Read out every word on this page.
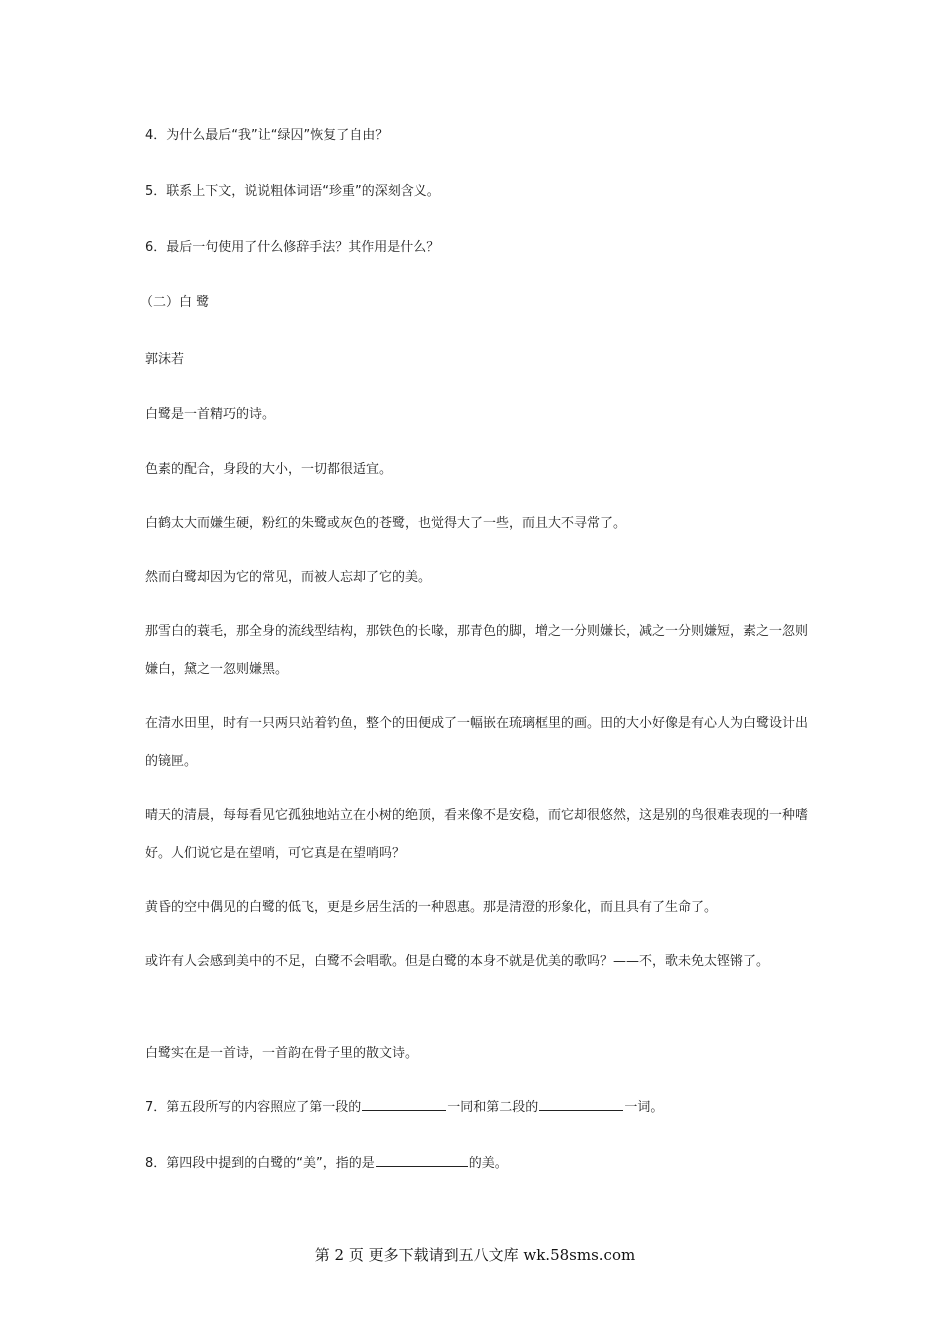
4．为什么最后“我”让“绿囚”恢复了自由？

5．联系上下文，说说粗体词语“珍重”的深刻含义。

6．最后一句使用了什么修辞手法？其作用是什么？

（二）白 鹭

郭沫若

白鹭是一首精巧的诗。

色素的配合，身段的大小，一切都很适宜。

白鹤太大而嫌生硬，粉红的朱鹭或灰色的苍鹭，也觉得大了一些，而且大不寻常了。

然而白鹭却因为它的常见，而被人忘却了它的美。

那雪白的蓑毛，那全身的流线型结构，那铁色的长喙，那青色的脚，增之一分则嫌长，减之一分则嫌短，素之一忽则嫌白，黛之一忽则嫌黑。

在清水田里，时有一只两只站着钓鱼，整个的田便成了一幅嵌在琉璃框里的画。田的大小好像是有心人为白鹭设计出的镜匣。

晴天的清晨，每每看见它孤独地站立在小树的绝顶，看来像不是安稳，而它却很悠然，这是别的鸟很难表现的一种嗜好。人们说它是在望哨，可它真是在望哨吗？

黄昏的空中偶见的白鹭的低飞，更是乡居生活的一种恩惠。那是清澄的形象化，而且具有了生命了。

或许有人会感到美中的不足，白鹭不会唱歌。但是白鹭的本身不就是优美的歌吗？——不，歌未免太铿锵了。

白鹭实在是一首诗，一首韵在骨子里的散文诗。

7．第五段所写的内容照应了第一段的	一同和第二段的	一词。

8．第四段中提到的白鹭的“美”，指的是	的美。

第 2 页 更多下载请到五八文库 wk.58sms.com
